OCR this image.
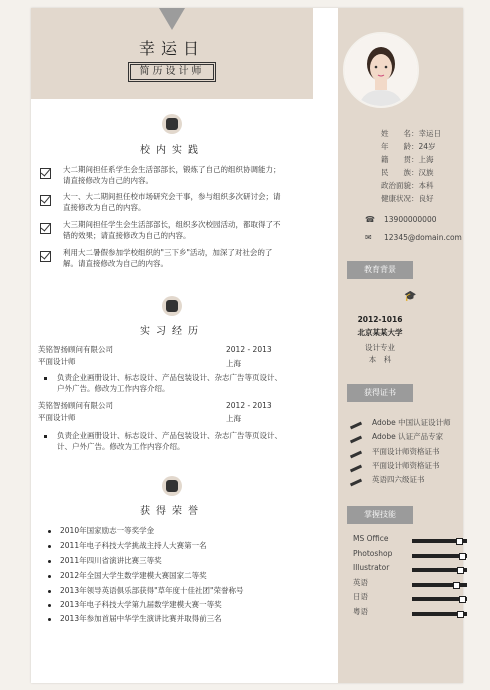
幸运日
简历设计师
校内实践
大二期间担任系学生会生活部部长，锻炼了自己的组织协调能力；
请直接修改为自己的内容。
大一、大二期间担任校市场研究会干事，参与组织多次研讨会；请
直接修改为自己的内容。
大三期间担任学生会生活部部长，组织多次校园活动，都取得了不
错的效果；请直接修改为自己的内容。
利用大二暑假参加学校组织的"三下乡"活动，加深了对社会的了
解。请直接修改为自己的内容。
实习经历
芙铭智扬顾问有限公司	2012 - 2013
平面设计师	上海
负责企业画册设计、标志设计、产品包装设计、杂志广告等页设计、
户外广告。修改为工作内容介绍。
芙铭智扬顾问有限公司	2012 - 2013
平面设计师	上海
负责企业画册设计、标志设计、产品包装设计、杂志广告等页设计、
计、户外广告。修改为工作内容介绍。
获得荣誉
2010年国家励志一等奖学金
2011年电子科技大学挑战主持人大赛第一名
2011年四川省演讲比赛三等奖
2012年全国大学生数学建模大赛国家二等奖
2013年领导英语俱乐部获得"草年度十佳社团"荣誉称号
2013年电子科技大学第九届数学建模大赛一等奖
2013年参加首届中华学生演讲比赛并取得前三名
姓　　名：幸运日
年　　龄：24岁
籍　　贯：上海
民　　族：汉族
政治面貌：本科
健康状况：良好
☎ 13900000000
✉ 12345@domain.com
教育背景
🎓
2012-1016
北京某某大学
设计专业
本　科
获得证书
Adobe 中国认证设计师
Adobe 认证产品专家
平面设计师资格证书
平面设计师资格证书
英语四六级证书
掌握技能
MS Office
Photoshop
Illustrator
英语
日语
粤语
